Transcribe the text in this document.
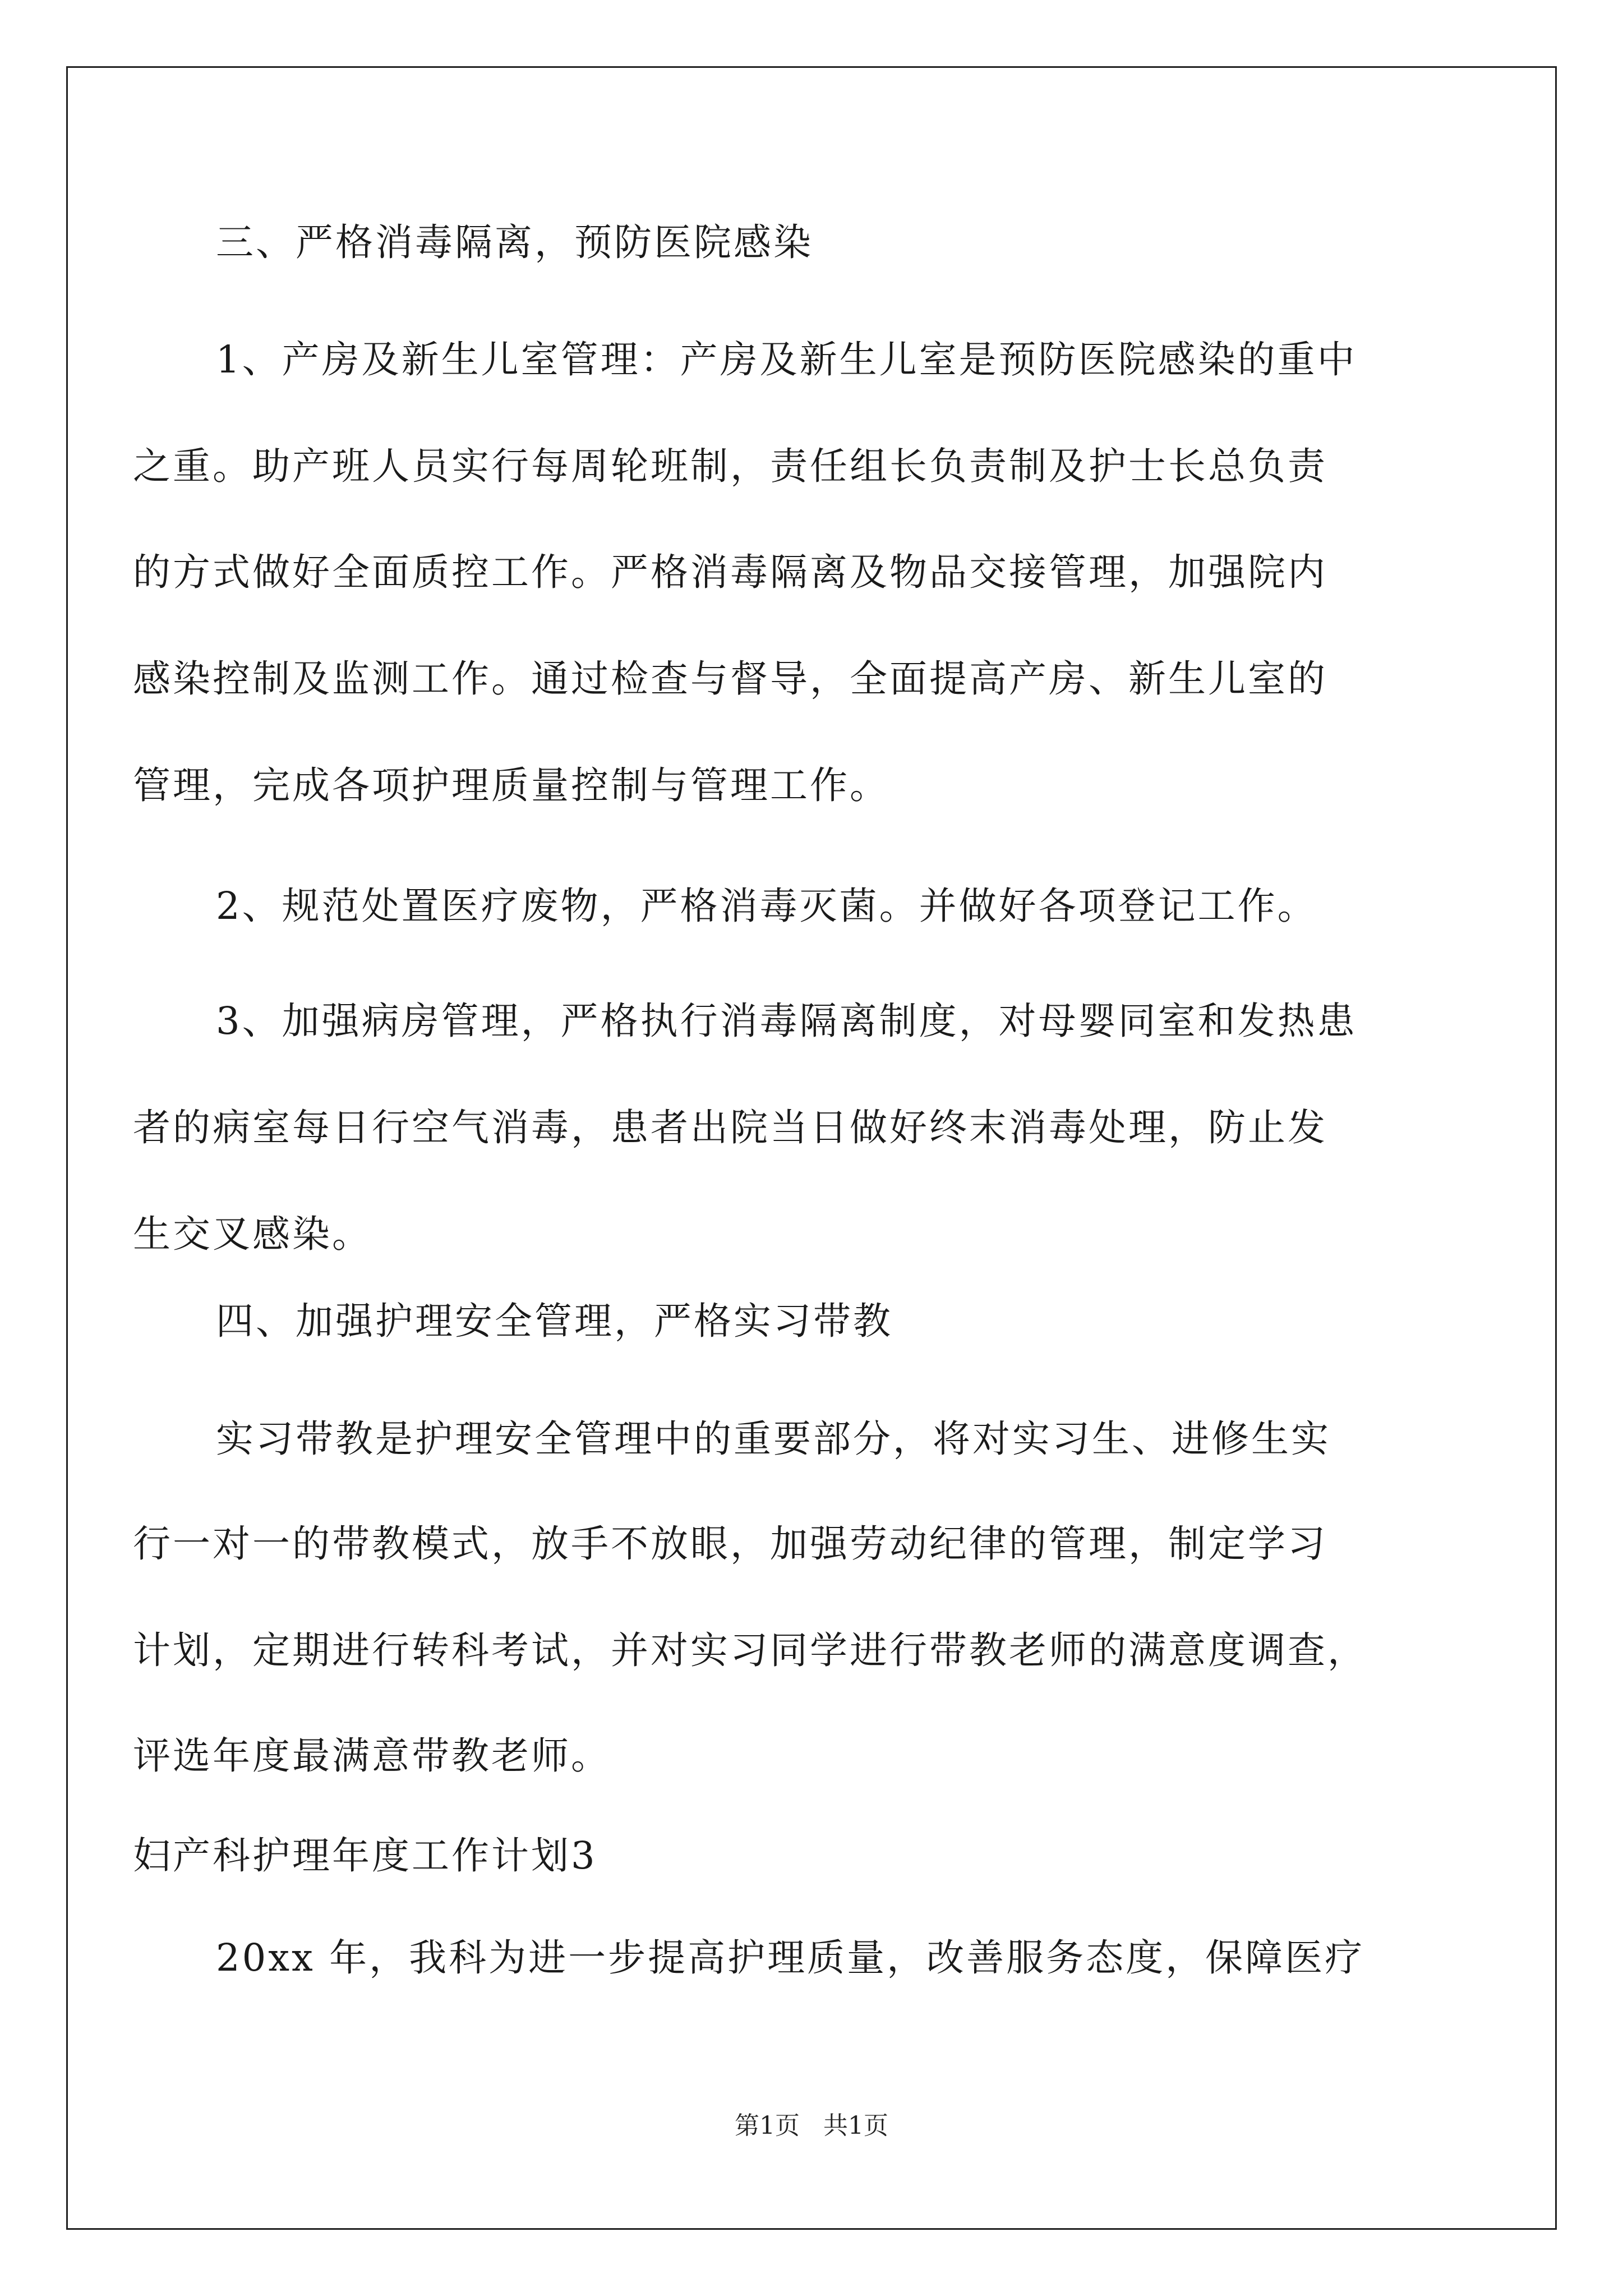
三、严格消毒隔离，预防医院感染
1、产房及新生儿室管理：产房及新生儿室是预防医院感染的重中
之重。助产班人员实行每周轮班制，责任组长负责制及护士长总负责
的方式做好全面质控工作。严格消毒隔离及物品交接管理，加强院内
感染控制及监测工作。通过检查与督导，全面提高产房、新生儿室的
管理，完成各项护理质量控制与管理工作。
2、规范处置医疗废物，严格消毒灭菌。并做好各项登记工作。
3、加强病房管理，严格执行消毒隔离制度，对母婴同室和发热患
者的病室每日行空气消毒，患者出院当日做好终末消毒处理，防止发
生交叉感染。
四、加强护理安全管理，严格实习带教
实习带教是护理安全管理中的重要部分，将对实习生、进修生实
行一对一的带教模式，放手不放眼，加强劳动纪律的管理，制定学习
计划，定期进行转科考试，并对实习同学进行带教老师的满意度调查，
评选年度最满意带教老师。
妇产科护理年度工作计划3
20xx 年，我科为进一步提高护理质量，改善服务态度，保障医疗
第1页 共1页
